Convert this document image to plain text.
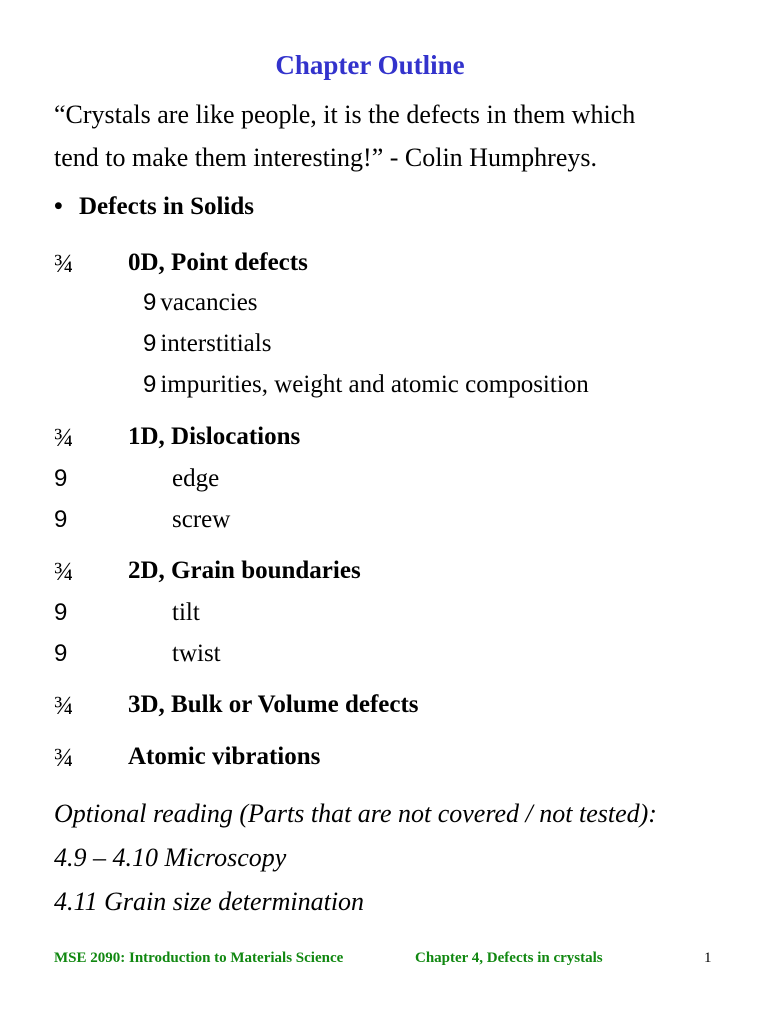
Chapter Outline
“Crystals are like people, it is the defects in them which
tend to make them interesting!” - Colin Humphreys.
• Defects in Solids
¾ 0D, Point defects
9 vacancies
9 interstitials
9 impurities, weight and atomic composition
¾ 1D, Dislocations
9	edge
9	screw
¾ 2D, Grain boundaries
9	tilt
9	twist
¾ 3D, Bulk or Volume defects
¾ Atomic vibrations
Optional reading (Parts that are not covered / not tested):
4.9 – 4.10 Microscopy
4.11 Grain size determination
MSE 2090: Introduction to Materials Science	Chapter 4, Defects in crystals	1
